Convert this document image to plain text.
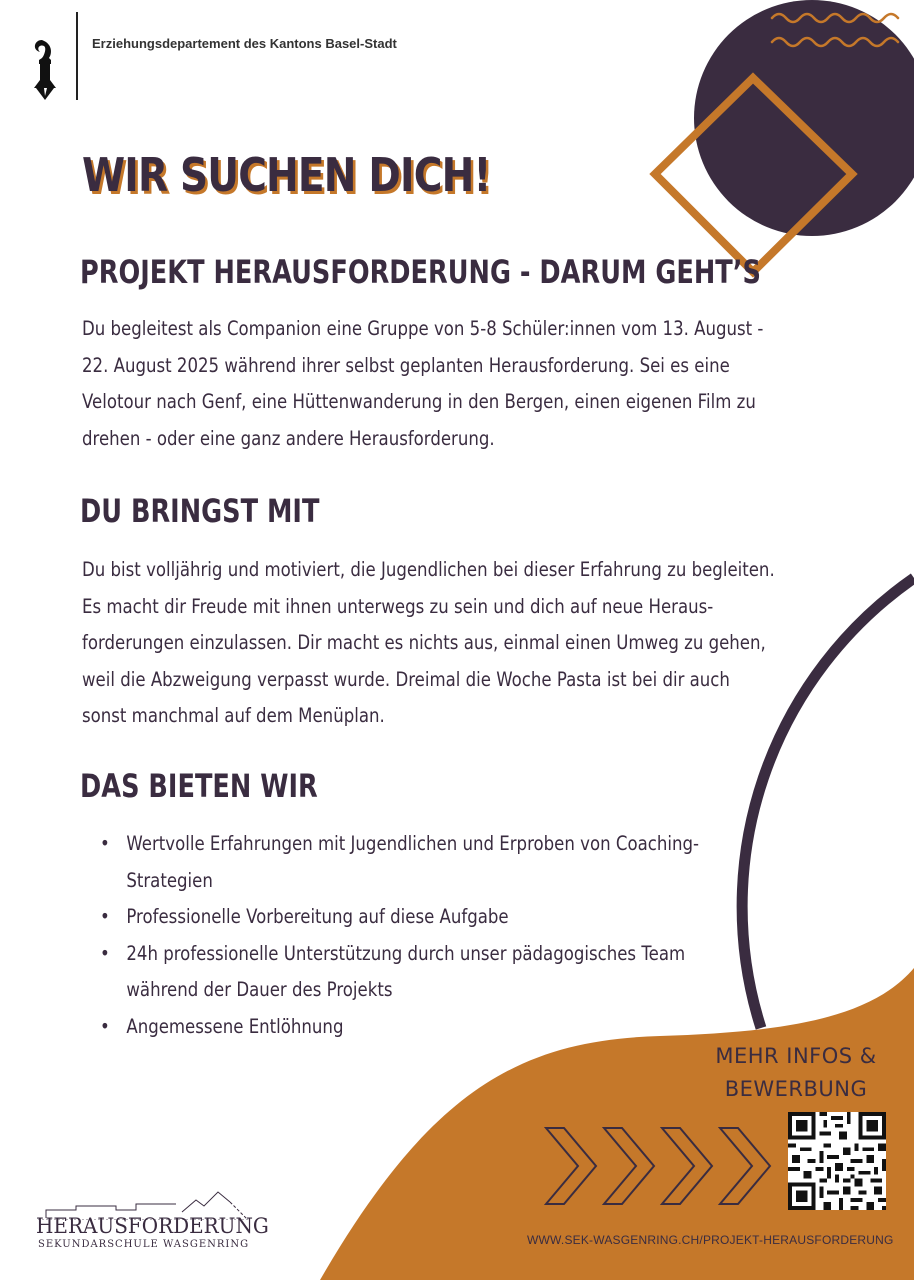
Erziehungsdepartement des Kantons Basel-Stadt
WIR SUCHEN DICH!
PROJEKT HERAUSFORDERUNG - DARUM GEHT’S
Du begleitest als Companion eine Gruppe von 5-8 Schüler:innen vom 13. August -
22. August 2025 während ihrer selbst geplanten Herausforderung. Sei es eine
Velotour nach Genf, eine Hüttenwanderung in den Bergen, einen eigenen Film zu
drehen - oder eine ganz andere Herausforderung.
DU BRINGST MIT
Du bist volljährig und motiviert, die Jugendlichen bei dieser Erfahrung zu begleiten.
Es macht dir Freude mit ihnen unterwegs zu sein und dich auf neue Heraus-
forderungen einzulassen. Dir macht es nichts aus, einmal einen Umweg zu gehen,
weil die Abzweigung verpasst wurde. Dreimal die Woche Pasta ist bei dir auch
sonst manchmal auf dem Menüplan.
DAS BIETEN WIR
• Wertvolle Erfahrungen mit Jugendlichen und Erproben von Coaching-
Strategien
• Professionelle Vorbereitung auf diese Aufgabe
• 24h professionelle Unterstützung durch unser pädagogisches Team
während der Dauer des Projekts
• Angemessene Entlöhnung
MEHR INFOS &
BEWERBUNG
WWW.SEK-WASGENRING.CH/PROJEKT-HERAUSFORDERUNG
HERAUSFORDERUNG
SEKUNDARSCHULE WASGENRING
